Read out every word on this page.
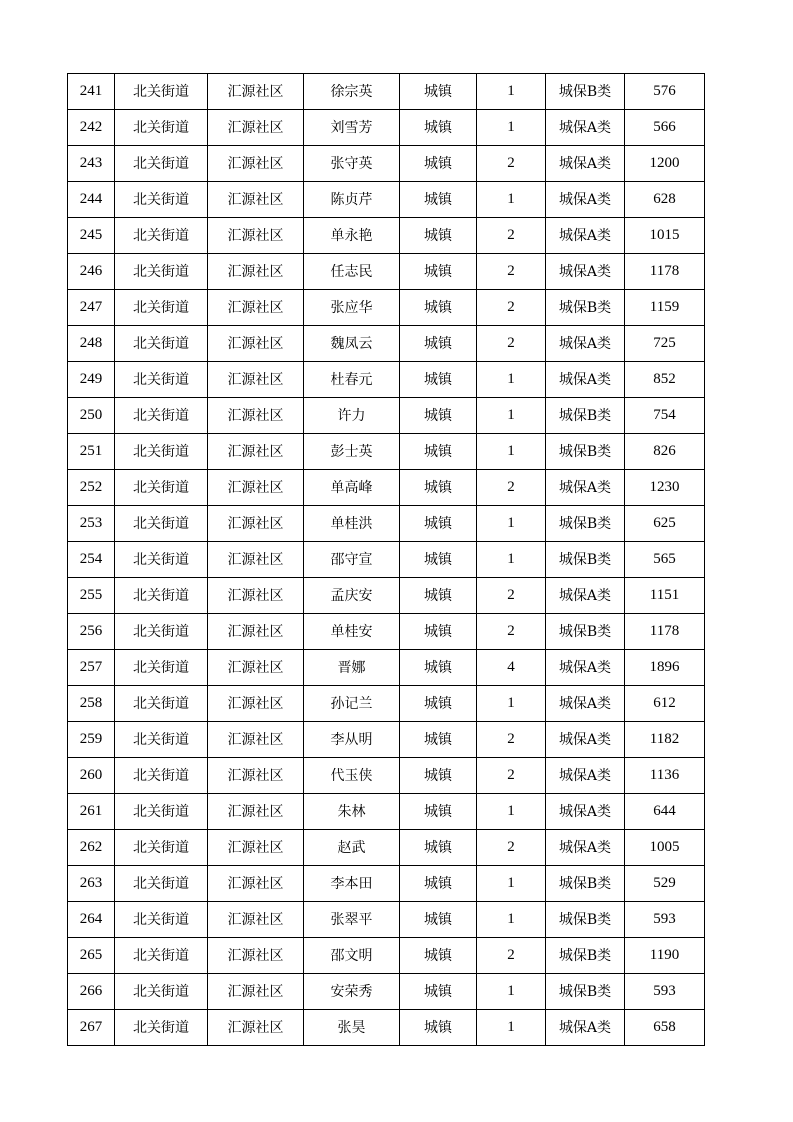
241	北关街道	汇源社区	徐宗英	城镇	1	城保B类	576
242	北关街道	汇源社区	刘雪芳	城镇	1	城保A类	566
243	北关街道	汇源社区	张守英	城镇	2	城保A类	1200
244	北关街道	汇源社区	陈贞芹	城镇	1	城保A类	628
245	北关街道	汇源社区	单永艳	城镇	2	城保A类	1015
246	北关街道	汇源社区	任志民	城镇	2	城保A类	1178
247	北关街道	汇源社区	张应华	城镇	2	城保B类	1159
248	北关街道	汇源社区	魏凤云	城镇	2	城保A类	725
249	北关街道	汇源社区	杜春元	城镇	1	城保A类	852
250	北关街道	汇源社区	许力	城镇	1	城保B类	754
251	北关街道	汇源社区	彭士英	城镇	1	城保B类	826
252	北关街道	汇源社区	单高峰	城镇	2	城保A类	1230
253	北关街道	汇源社区	单桂洪	城镇	1	城保B类	625
254	北关街道	汇源社区	邵守宣	城镇	1	城保B类	565
255	北关街道	汇源社区	孟庆安	城镇	2	城保A类	1151
256	北关街道	汇源社区	单桂安	城镇	2	城保B类	1178
257	北关街道	汇源社区	晋娜	城镇	4	城保A类	1896
258	北关街道	汇源社区	孙记兰	城镇	1	城保A类	612
259	北关街道	汇源社区	李从明	城镇	2	城保A类	1182
260	北关街道	汇源社区	代玉侠	城镇	2	城保A类	1136
261	北关街道	汇源社区	朱林	城镇	1	城保A类	644
262	北关街道	汇源社区	赵武	城镇	2	城保A类	1005
263	北关街道	汇源社区	李本田	城镇	1	城保B类	529
264	北关街道	汇源社区	张翠平	城镇	1	城保B类	593
265	北关街道	汇源社区	邵文明	城镇	2	城保B类	1190
266	北关街道	汇源社区	安荣秀	城镇	1	城保B类	593
267	北关街道	汇源社区	张昊	城镇	1	城保A类	658
